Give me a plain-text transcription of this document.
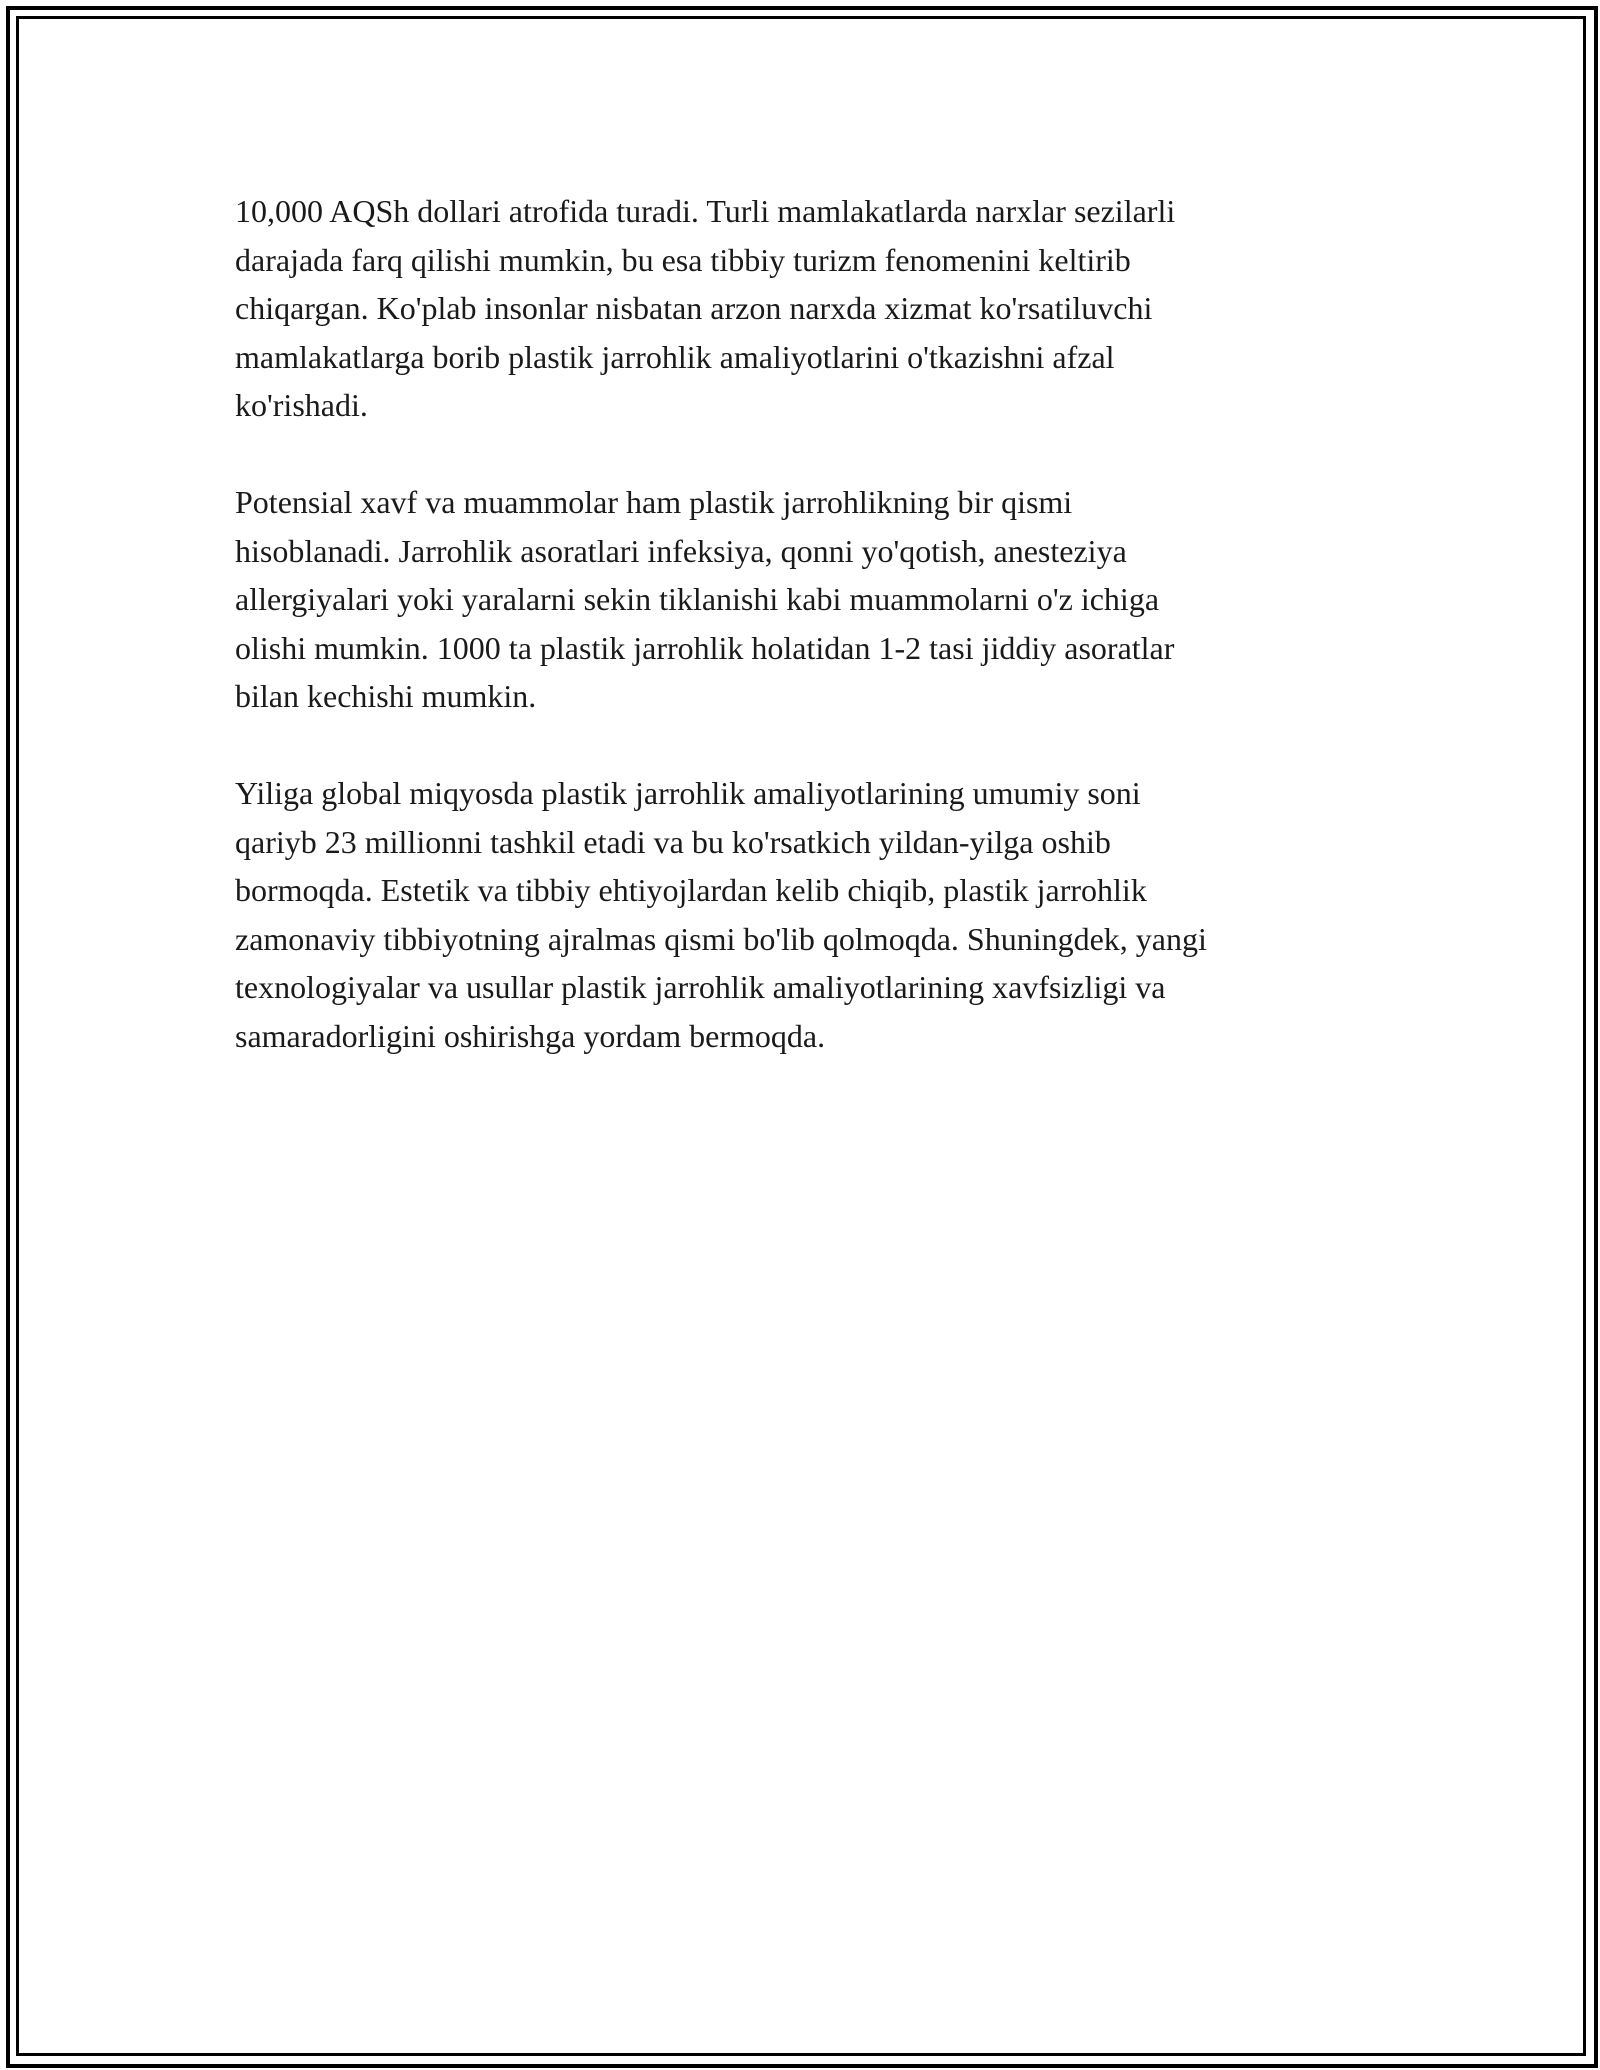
10,000 AQSh dollari atrofida turadi. Turli mamlakatlarda narxlar sezilarli
darajada farq qilishi mumkin, bu esa tibbiy turizm fenomenini keltirib
chiqargan. Ko'plab insonlar nisbatan arzon narxda xizmat ko'rsatiluvchi
mamlakatlarga borib plastik jarrohlik amaliyotlarini o'tkazishni afzal
ko'rishadi.

Potensial xavf va muammolar ham plastik jarrohlikning bir qismi
hisoblanadi. Jarrohlik asoratlari infeksiya, qonni yo'qotish, anesteziya
allergiyalari yoki yaralarni sekin tiklanishi kabi muammolarni o'z ichiga
olishi mumkin. 1000 ta plastik jarrohlik holatidan 1-2 tasi jiddiy asoratlar
bilan kechishi mumkin.

Yiliga global miqyosda plastik jarrohlik amaliyotlarining umumiy soni
qariyb 23 millionni tashkil etadi va bu ko'rsatkich yildan-yilga oshib
bormoqda. Estetik va tibbiy ehtiyojlardan kelib chiqib, plastik jarrohlik
zamonaviy tibbiyotning ajralmas qismi bo'lib qolmoqda. Shuningdek, yangi
texnologiyalar va usullar plastik jarrohlik amaliyotlarining xavfsizligi va
samaradorligini oshirishga yordam bermoqda.
